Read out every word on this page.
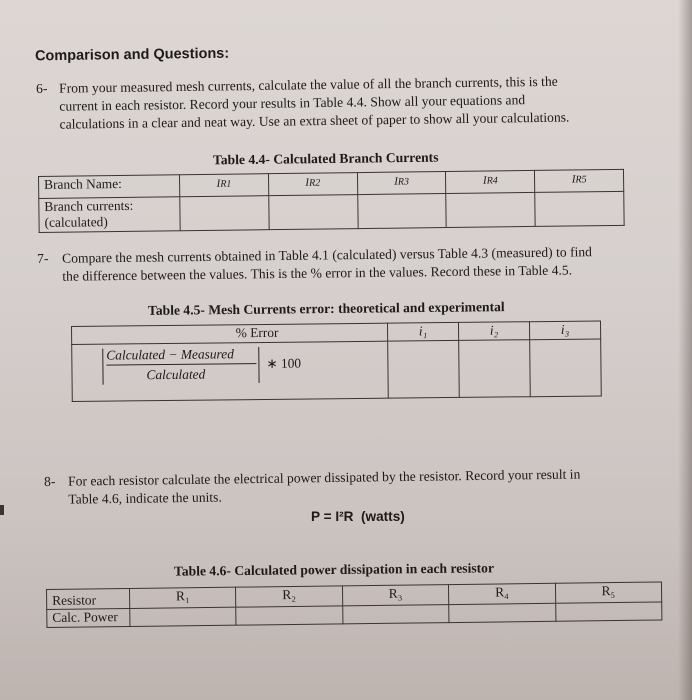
Comparison and Questions:
6- From your measured mesh currents, calculate the value of all the branch currents, this is the
current in each resistor. Record your results in Table 4.4. Show all your equations and
calculations in a clear and neat way. Use an extra sheet of paper to show all your calculations.
Table 4.4- Calculated Branch Currents
Branch Name:	IR1	IR2	IR3	IR4	IR5

Branch currents:
(calculated)					

7- Compare the mesh currents obtained in Table 4.1 (calculated) versus Table 4.3 (measured) to find
the difference between the values. This is the % error in the values. Record these in Table 4.5.
Table 4.5- Mesh Currents error: theoretical and experimental
% Error	i₁	i₂	i₃

Calculated − Measured
Calculated
∗ 100			

8- For each resistor calculate the electrical power dissipated by the resistor. Record your result in
Table 4.6, indicate the units.
P = I²R  (watts)
Table 4.6- Calculated power dissipation in each resistor
Resistor	R₁	R₂	R₃	R₄	R₅
Calc. Power					
